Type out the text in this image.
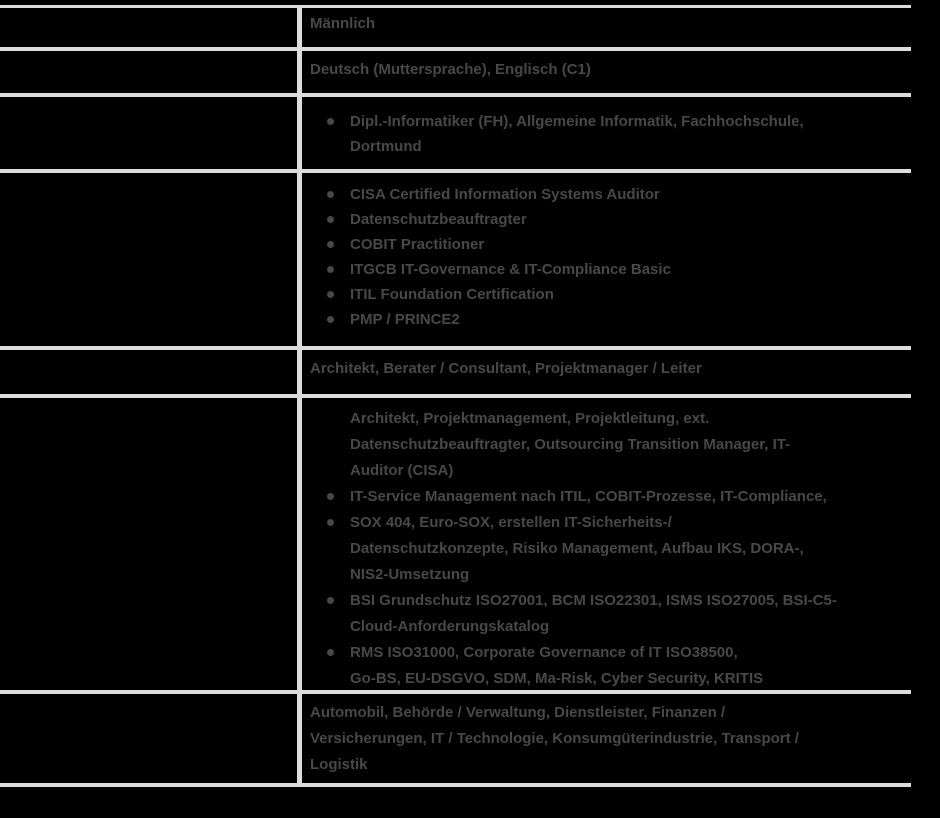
Männlich
Deutsch (Muttersprache), Englisch (C1)
Dipl.-Informatiker (FH), Allgemeine Informatik, Fachhochschule,
Dortmund
CISA Certified Information Systems Auditor
Datenschutzbeauftragter
COBIT Practitioner
ITGCB IT-Governance & IT-Compliance Basic
ITIL Foundation Certification
PMP / PRINCE2
Architekt, Berater / Consultant, Projektmanager / Leiter
Architekt, Projektmanagement, Projektleitung, ext.
Datenschutzbeauftragter, Outsourcing Transition Manager, IT-
Auditor (CISA)
IT-Service Management nach ITIL, COBIT-Prozesse, IT-Compliance,
SOX 404, Euro-SOX, erstellen IT-Sicherheits-/
Datenschutzkonzepte, Risiko Management, Aufbau IKS, DORA-,
NIS2-Umsetzung
BSI Grundschutz ISO27001, BCM ISO22301, ISMS ISO27005, BSI-C5-
Cloud-Anforderungskatalog
RMS ISO31000, Corporate Governance of IT ISO38500,
Go-BS, EU-DSGVO, SDM, Ma-Risk, Cyber Security, KRITIS
Automobil, Behörde / Verwaltung, Dienstleister, Finanzen /
Versicherungen, IT / Technologie, Konsumgüterindustrie, Transport /
Logistik
